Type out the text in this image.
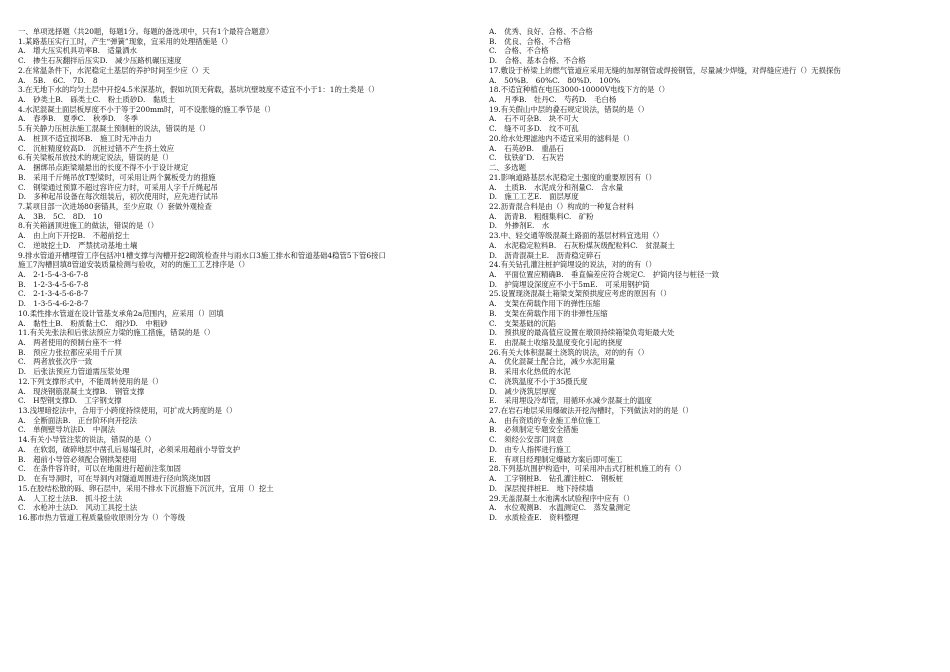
一、单项选择题（共20题，每题1分。每题的备选项中，只有1个最符合题意）
1.某路基压实行工时，产生“弹簧”现象，宜采用的处理措施是（）
A.　增大压实机具功率B.　适量洒水
C.　掺生石灰翻拌后压实D.　减少压路机碾压速度
2.在常温条件下，水泥稳定土基层的养护时间至少应（）天
A.　5B.　6C.　7D.　8
3.在无地下水的均匀土层中开挖4.5米深基坑，假如坑顶无荷载，基坑坑壁坡度不适宜不小于1：1的土类是（）
A.　砂类土B.　砾类土C.　粉土质砂D.　黏质土
4.水泥混凝土面层板厚度不小于等于200mm时，可不设胀缝的施工季节是（）
A.　春季B.　夏季C.　秋季D.　冬季
5.有关静力压桩法施工混凝土预制桩的说法，错误的是（）
A.　桩顶不适宜损坏B.　施工时无冲击力
C.　沉桩精度较高D.　沉桩过错不产生挤土效应
6.有关梁板吊放技术的规定说法，错误的是（）
A.　捆绑吊点距梁端悬出的长度不得不小于设计规定
B.　采用千斤绳吊放T型梁时，可采用让两个翼板受力的措施
C.　钢梁通过预算不超过容许应力时，可采用人字千斤绳起吊
D.　多种起吊设备在每次组装后，初次使用时，应先进行试吊
7.某项目部一次进场80套锚具，至少应取（）套做外观检查
A.　3B.　5C.　8D.　10
8.有关箱涵顶进施工的做法，错误的是（）
A.　由上向下开挖B.　不超前挖土
C.　逆坡挖土D.　严禁扰动基地土壤
9.排水管道开槽埋管工序包括冲1槽支撑与沟槽开挖2砌筑检查井与雨水口3施工排水和管道基础4稳管5下管6接口
施工7沟槽回填8管道安装质量检测与验收，对的的施工工艺排序是（）
A.　2-1-5-4-3-6-7-8
B.　1-2-3-4-5-6-7-8
C.　2-1-3-4-5-6-8-7
D.　1-3-5-4-6-2-8-7
10.柔性排水管道在设计管基支承角2a范围内，应采用（）回填
A.　黏性土B.　粉质黏土C.　细沙D.　中粗砂
11.有关先张法和后张法预应力梁的施工措施，错误的是（）
A.　两者使用的预制台座不一样
B.　预应力张拉都应采用千斤顶
C.　两者放张次序一致
D.　后张法预应力管道需压浆处理
12.下列支撑形式中，不能周转使用的是（）
A.　现浇钢筋混凝土支撑B.　钢管支撑
C.　H型钢支撑D.　工字钢支撑
13.浅埋暗挖法中，合用于小跨度持续使用，可扩成大跨度的是（）
A.　全断面法B.　正台阶环向开挖法
C.　单侧壁导坑法D.　中洞法
14.有关小导管注浆的说法，错误的是（）
A.　在软弱，破碎地层中凿孔后易塌孔时，必须采用超前小导管支护
B.　超前小导管必须配合钢拱架使用
C.　在条件容许时，可以在地面进行超前注浆加固
D.　在有导洞时，可在导洞内对隧道周围进行径向筑浇加固
15.在胶结松散的砾、卵石层中，采用不排水下沉措施下沉沉井，宜用（）挖土
A.　人工挖土法B.　抓斗挖土法
C.　水枪冲土法D.　风动工具挖土法
16.都市热力管道工程质量验收原则分为（）个等级
A.　优秀、良好、合格、不合格
B.　优良、合格、不合格
C.　合格、不合格
D.　合格、基本合格、不合格
17.敷设于桥梁上的燃气管道应采用无缝的加厚钢管或焊接钢管，尽量减少焊缝，对焊缝应进行（）无损探伤
A.　50%B.　60%C.　80%D.　100%
18.不适宜种植在电压3000-10000V电线下方的是（）
A.　月季B.　牡丹C.　芍药D.　毛白杨
19.有关假山中层的叠石规定说法，错误的是（）
A.　石不可杂B.　块不可大
C.　缝不可多D.　纹不可乱
20.给水处理滤池内不适宜采用的滤料是（）
A.　石英砂B.　重晶石
C.　钛铁矿D.　石灰岩
二、多选题
21.影响道路基层水泥稳定土强度的重要原因有（）
A.　土质B.　水泥成分和剂量C.　含水量
D.　施工工艺E.　面层厚度
22.沥青混合料是由（）构成的一种复合材料
A.　沥青B.　粗细集料C.　矿粉
D.　外掺剂E.　水
23.中、轻交通等级混凝土路面的基层材料宜选用（）
A.　水泥稳定粒料B.　石灰粉煤灰级配粒料C.　贫混凝土
D.　沥青混凝土E.　沥青稳定碎石
24.有关钻孔灌注桩护筒埋设的说法，对的的有（）
A.　平面位置应精确B.　垂直偏差应符合规定C.　护筒内径与桩径一致
D.　护筒埋设深度应不小于5mE.　可采用钢护筒
25.设置现浇混凝土箱梁支架预拱度应考虑的原因有（）
A.　支架在荷载作用下的弹性压缩
B.　支架在荷载作用下的非弹性压缩
C.　支架基础的沉陷
D.　预拱度的最高值应设置在墩顶持续箱梁负弯矩最大处
E.　由混凝土收缩及温度变化引起的挠度
26.有关大体积混凝土浇筑的说法，对的的有（）
A.　优化混凝土配合比，减少水泥用量
B.　采用水化热低的水泥
C.　浇筑温度不小于35摄氏度
D.　减少浇筑层厚度
E.　采用埋设冷却管，用循环水减少混凝土的温度
27.在岩石地层采用爆破法开挖沟槽时，下列做法对的的是（）
A.　由有资质的专业施工单位施工
B.　必须制定专题安全措施
C.　须经公安部门同意
D.　由专人指挥进行施工
E.　有项目经理制定爆破方案后即可施工
28.下列基坑围护构造中，可采用冲击式打桩机施工的有（）
A.　工字钢桩B.　钻孔灌注桩C.　钢板桩
D.　深层搅拌桩E.　地下持续墙
29.无盖混凝土水池满水试验程序中应有（）
A.　水位观测B.　水温测定C.　蒸发量测定
D.　水质检查E.　资料整理
